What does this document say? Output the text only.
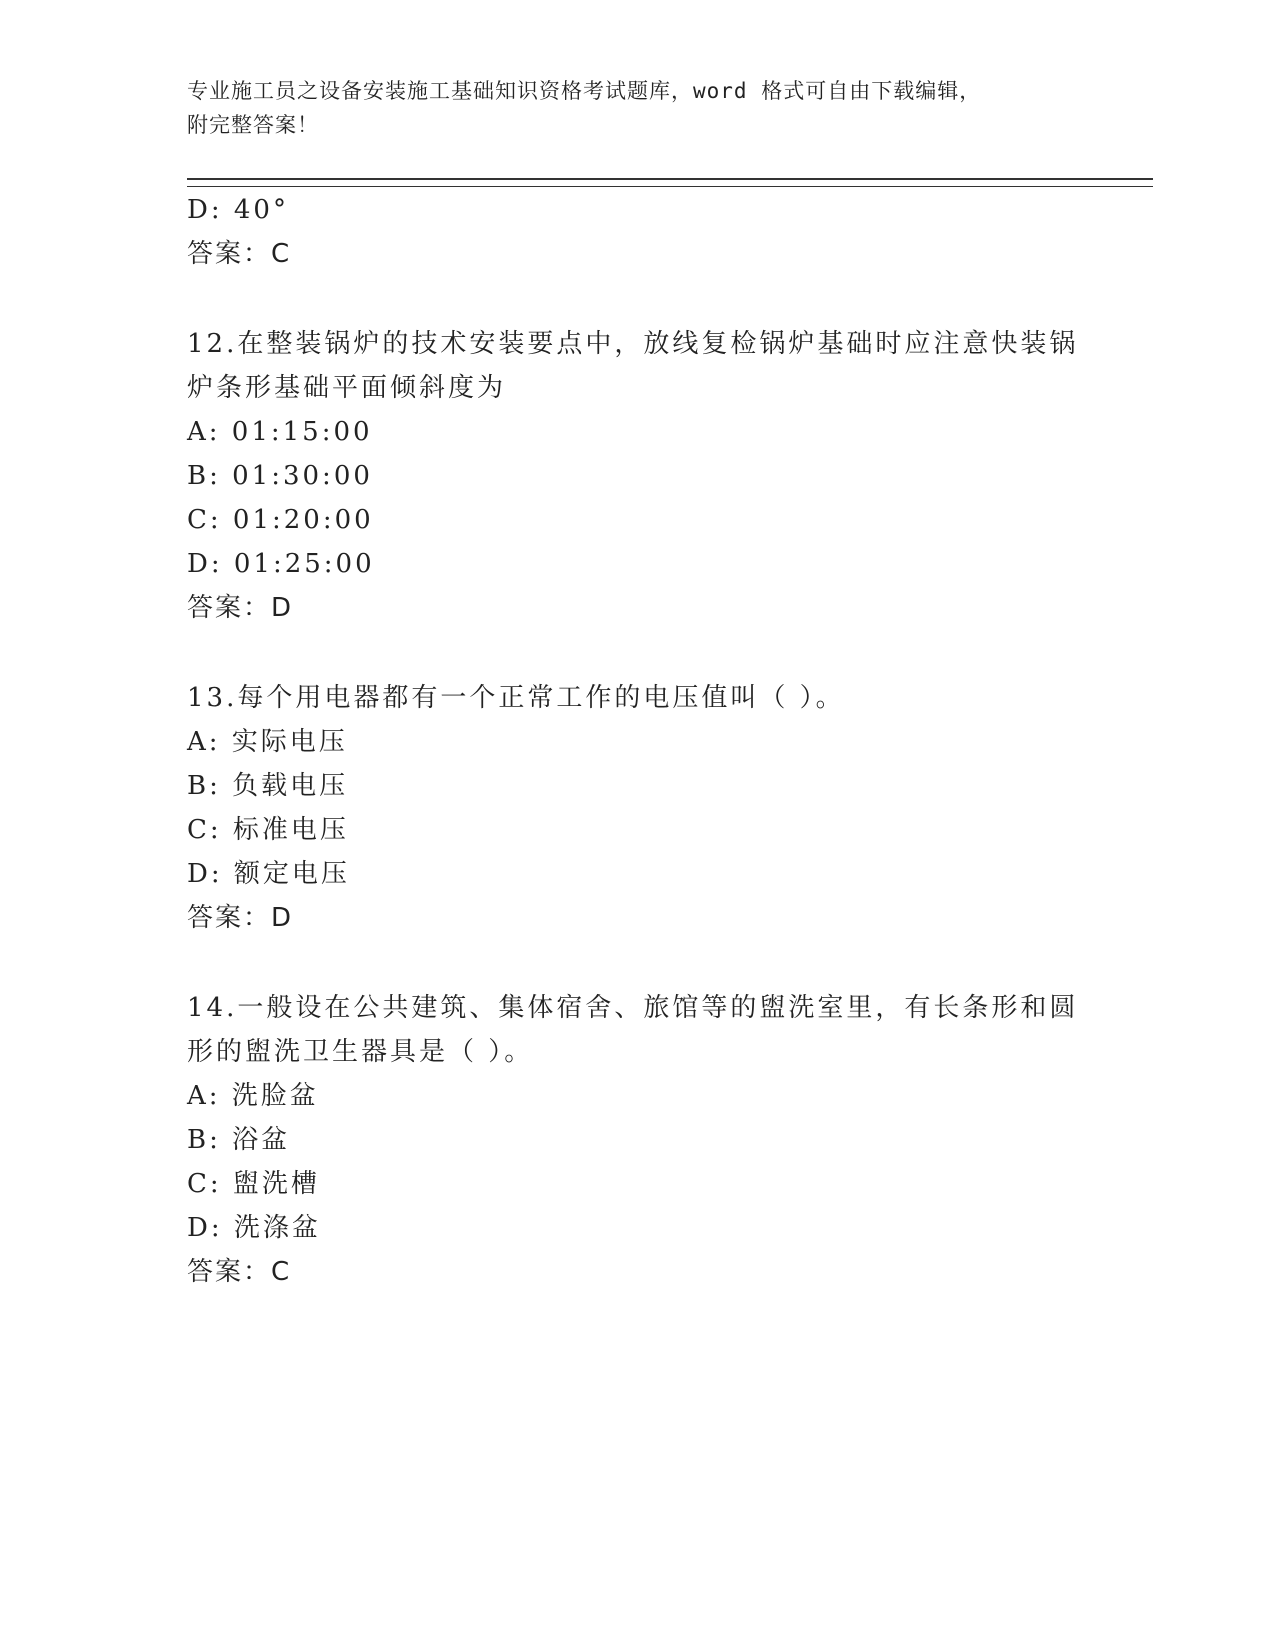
专业施工员之设备安装施工基础知识资格考试题库，word 格式可自由下载编辑，
附完整答案！
D: 40°
答案：C
12.在整装锅炉的技术安装要点中，放线复检锅炉基础时应注意快装锅
炉条形基础平面倾斜度为
A: 01:15:00
B: 01:30:00
C: 01:20:00
D: 01:25:00
答案：D
13.每个用电器都有一个正常工作的电压值叫（ ）。
A: 实际电压
B: 负载电压
C: 标准电压
D: 额定电压
答案：D
14.一般设在公共建筑、集体宿舍、旅馆等的盥洗室里，有长条形和圆
形的盥洗卫生器具是（ ）。
A: 洗脸盆
B: 浴盆
C: 盥洗槽
D: 洗涤盆
答案：C
